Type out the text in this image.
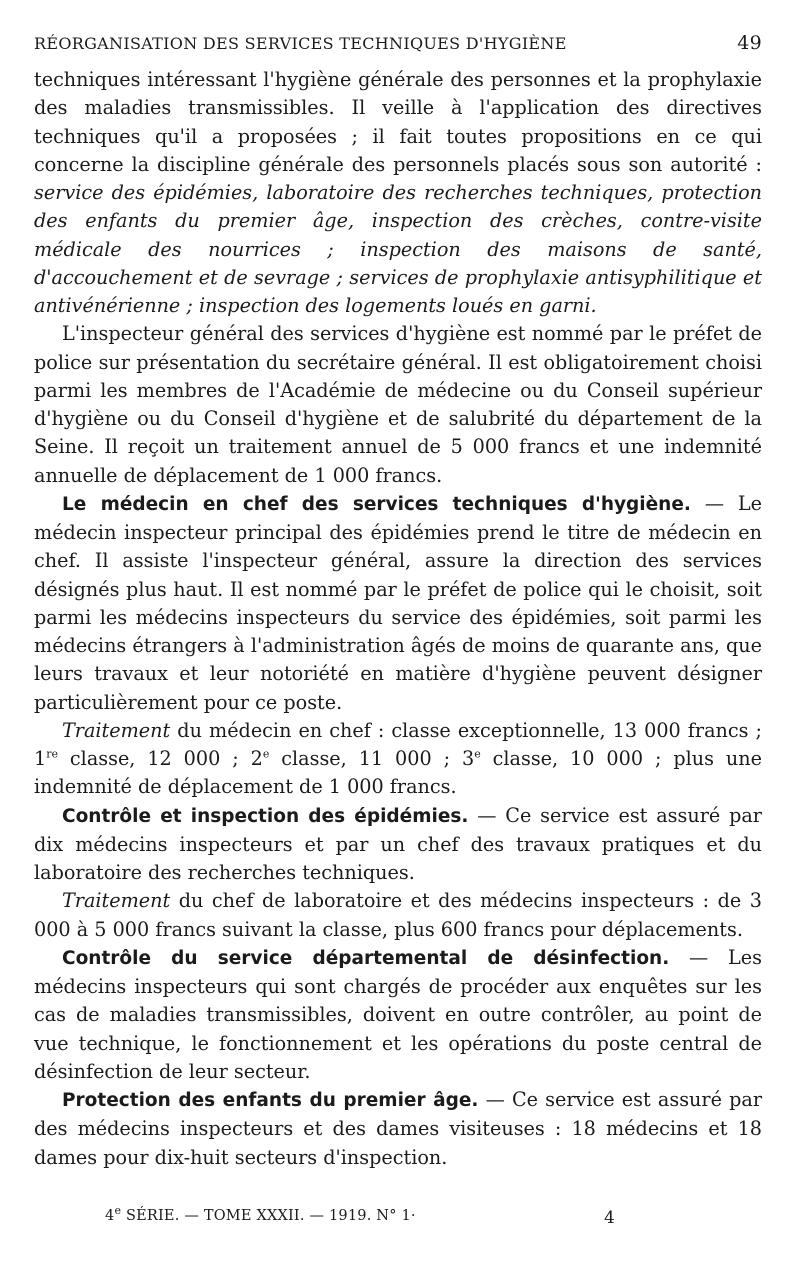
RÉORGANISATION DES SERVICES TECHNIQUES D'HYGIÈNE	49

techniques intéressant l'hygiène générale des personnes et la prophylaxie des maladies transmissibles. Il veille à l'application des directives techniques qu'il a proposées ; il fait toutes propositions en ce qui concerne la discipline générale des personnels placés sous son autorité : service des épidémies, laboratoire des recherches techniques, protection des enfants du premier âge, inspection des crèches, contre-visite médicale des nourrices ; inspection des maisons de santé, d'accouchement et de sevrage ; services de prophylaxie antisyphilitique et antivénérienne ; inspection des logements loués en garni.

L'inspecteur général des services d'hygiène est nommé par le préfet de police sur présentation du secrétaire général. Il est obligatoirement choisi parmi les membres de l'Académie de médecine ou du Conseil supérieur d'hygiène ou du Conseil d'hygiène et de salubrité du département de la Seine. Il reçoit un traitement annuel de 5 000 francs et une indemnité annuelle de déplacement de 1 000 francs.

Le médecin en chef des services techniques d'hygiène. — Le médecin inspecteur principal des épidémies prend le titre de médecin en chef. Il assiste l'inspecteur général, assure la direction des services désignés plus haut. Il est nommé par le préfet de police qui le choisit, soit parmi les médecins inspecteurs du service des épidémies, soit parmi les médecins étrangers à l'administration âgés de moins de quarante ans, que leurs travaux et leur notoriété en matière d'hygiène peuvent désigner particulièrement pour ce poste.

Traitement du médecin en chef : classe exceptionnelle, 13 000 francs ; 1re classe, 12 000 ; 2e classe, 11 000 ; 3e classe, 10 000 ; plus une indemnité de déplacement de 1 000 francs.

Contrôle et inspection des épidémies. — Ce service est assuré par dix médecins inspecteurs et par un chef des travaux pratiques et du laboratoire des recherches techniques.

Traitement du chef de laboratoire et des médecins inspecteurs : de 3 000 à 5 000 francs suivant la classe, plus 600 francs pour déplacements.

Contrôle du service départemental de désinfection. — Les médecins inspecteurs qui sont chargés de procéder aux enquêtes sur les cas de maladies transmissibles, doivent en outre contrôler, au point de vue technique, le fonctionnement et les opérations du poste central de désinfection de leur secteur.

Protection des enfants du premier âge. — Ce service est assuré par des médecins inspecteurs et des dames visiteuses : 18 médecins et 18 dames pour dix-huit secteurs d'inspection.

4e SÉRIE. — TOME XXXII. — 1919. N° 1·	4
